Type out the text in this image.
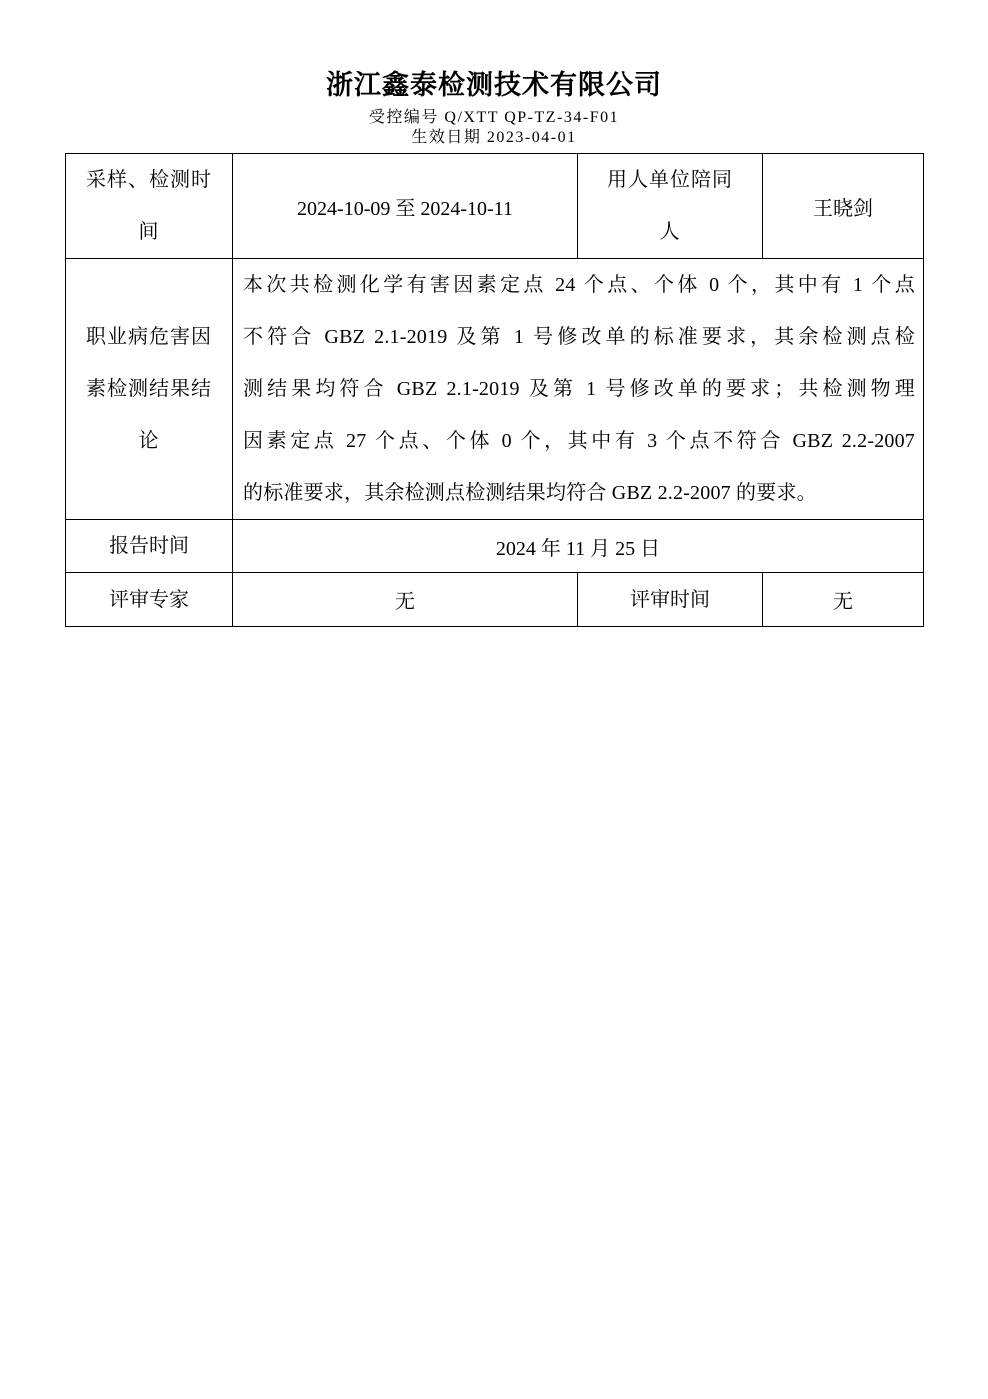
浙江鑫泰检测技术有限公司
受控编号 Q/XTT QP-TZ-34-F01
生效日期 2023-04-01
采样、检测时间	2024-10-09 至 2024-10-11	用人单位陪同人	王晓剑
职业病危害因素检测结果结论	本次共检测化学有害因素定点 24 个点、个体 0 个，其中有 1 个点
不符合 GBZ 2.1-2019 及第 1 号修改单的标准要求，其余检测点检
测结果均符合 GBZ 2.1-2019 及第 1 号修改单的要求；共检测物理
因素定点 27 个点、个体 0 个，其中有 3 个点不符合 GBZ 2.2-2007
的标准要求，其余检测点检测结果均符合 GBZ 2.2-2007 的要求。		

报告时间	2024 年 11 月 25 日		
评审专家	无	评审时间	无
